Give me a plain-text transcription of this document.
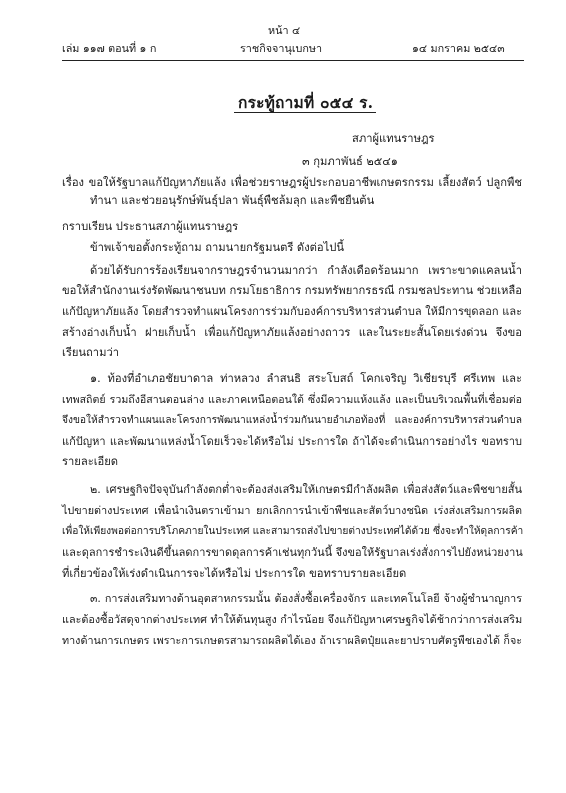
หน้า ๔
เล่ม ๑๑๗ ตอนที่ ๑ ก	ราชกิจจานุเบกษา	๑๔ มกราคม ๒๕๔๓
กระทู้ถามที่ ๐๕๔ ร.
สภาผู้แทนราษฎร
๓ กุมภาพันธ์ ๒๕๔๑
เรื่อง ขอให้รัฐบาลแก้ปัญหาภัยแล้ง เพื่อช่วยราษฎรผู้ประกอบอาชีพเกษตรกรรม เลี้ยงสัตว์ ปลูกพืช
ทำนา และช่วยอนุรักษ์พันธุ์ปลา พันธุ์พืชล้มลุก และพืชยืนต้น
กราบเรียน ประธานสภาผู้แทนราษฎร
ข้าพเจ้าขอตั้งกระทู้ถาม ถามนายกรัฐมนตรี ดังต่อไปนี้
ด้วยได้รับการร้องเรียนจากราษฎรจำนวนมากว่า กำลังเดือดร้อนมาก เพราะขาดแคลนน้ำ
ขอให้สำนักงานเร่งรัดพัฒนาชนบท กรมโยธาธิการ กรมทรัพยากรธรณี กรมชลประทาน ช่วยเหลือ
แก้ปัญหาภัยแล้ง โดยสำรวจทำแผนโครงการร่วมกับองค์การบริหารส่วนตำบล ให้มีการขุดลอก และ
สร้างอ่างเก็บน้ำ ฝายเก็บน้ำ เพื่อแก้ปัญหาภัยแล้งอย่างถาวร และในระยะสั้นโดยเร่งด่วน จึงขอ
เรียนถามว่า
๑. ท้องที่อำเภอชัยบาดาล ท่าหลวง ลำสนธิ สระโบสถ์ โคกเจริญ วิเชียรบุรี ศรีเทพ และ
เทพสถิตย์ รวมถึงอีสานตอนล่าง และภาคเหนือตอนใต้ ซึ่งมีความแห้งแล้ง และเป็นบริเวณพื้นที่เชื่อมต่อ
จึงขอให้สำรวจทำแผนและโครงการพัฒนาแหล่งน้ำร่วมกันนายอำเภอท้องที่ และองค์การบริหารส่วนตำบล
แก้ปัญหา และพัฒนาแหล่งน้ำโดยเร็วจะได้หรือไม่ ประการใด ถ้าได้จะดำเนินการอย่างไร ขอทราบ
รายละเอียด
๒. เศรษฐกิจปัจจุบันกำลังตกต่ำจะต้องส่งเสริมให้เกษตรมีกำลังผลิต เพื่อส่งสัตว์และพืชขายสั้น
ไปขายต่างประเทศ เพื่อนำเงินตราเข้ามา ยกเลิกการนำเข้าพืชและสัตว์บางชนิด เร่งส่งเสริมการผลิต
เพื่อให้เพียงพอต่อการบริโภคภายในประเทศ และสามารถส่งไปขายต่างประเทศได้ด้วย ซึ่งจะทำให้ดุลการค้า
และดุลการชำระเงินดีขึ้นลดการขาดดุลการค้าเช่นทุกวันนี้ จึงขอให้รัฐบาลเร่งสั่งการไปยังหน่วยงาน
ที่เกี่ยวข้องให้เร่งดำเนินการจะได้หรือไม่ ประการใด ขอทราบรายละเอียด
๓. การส่งเสริมทางด้านอุตสาหกรรมนั้น ต้องสั่งซื้อเครื่องจักร และเทคโนโลยี จ้างผู้ชำนาญการ
และต้องซื้อวัสดุจากต่างประเทศ ทำให้ต้นทุนสูง กำไรน้อย จึงแก้ปัญหาเศรษฐกิจได้ช้ากว่าการส่งเสริม
ทางด้านการเกษตร เพราะการเกษตรสามารถผลิตได้เอง ถ้าเราผลิตปุ๋ยและยาปราบศัตรูพืชเองได้ ก็จะ
